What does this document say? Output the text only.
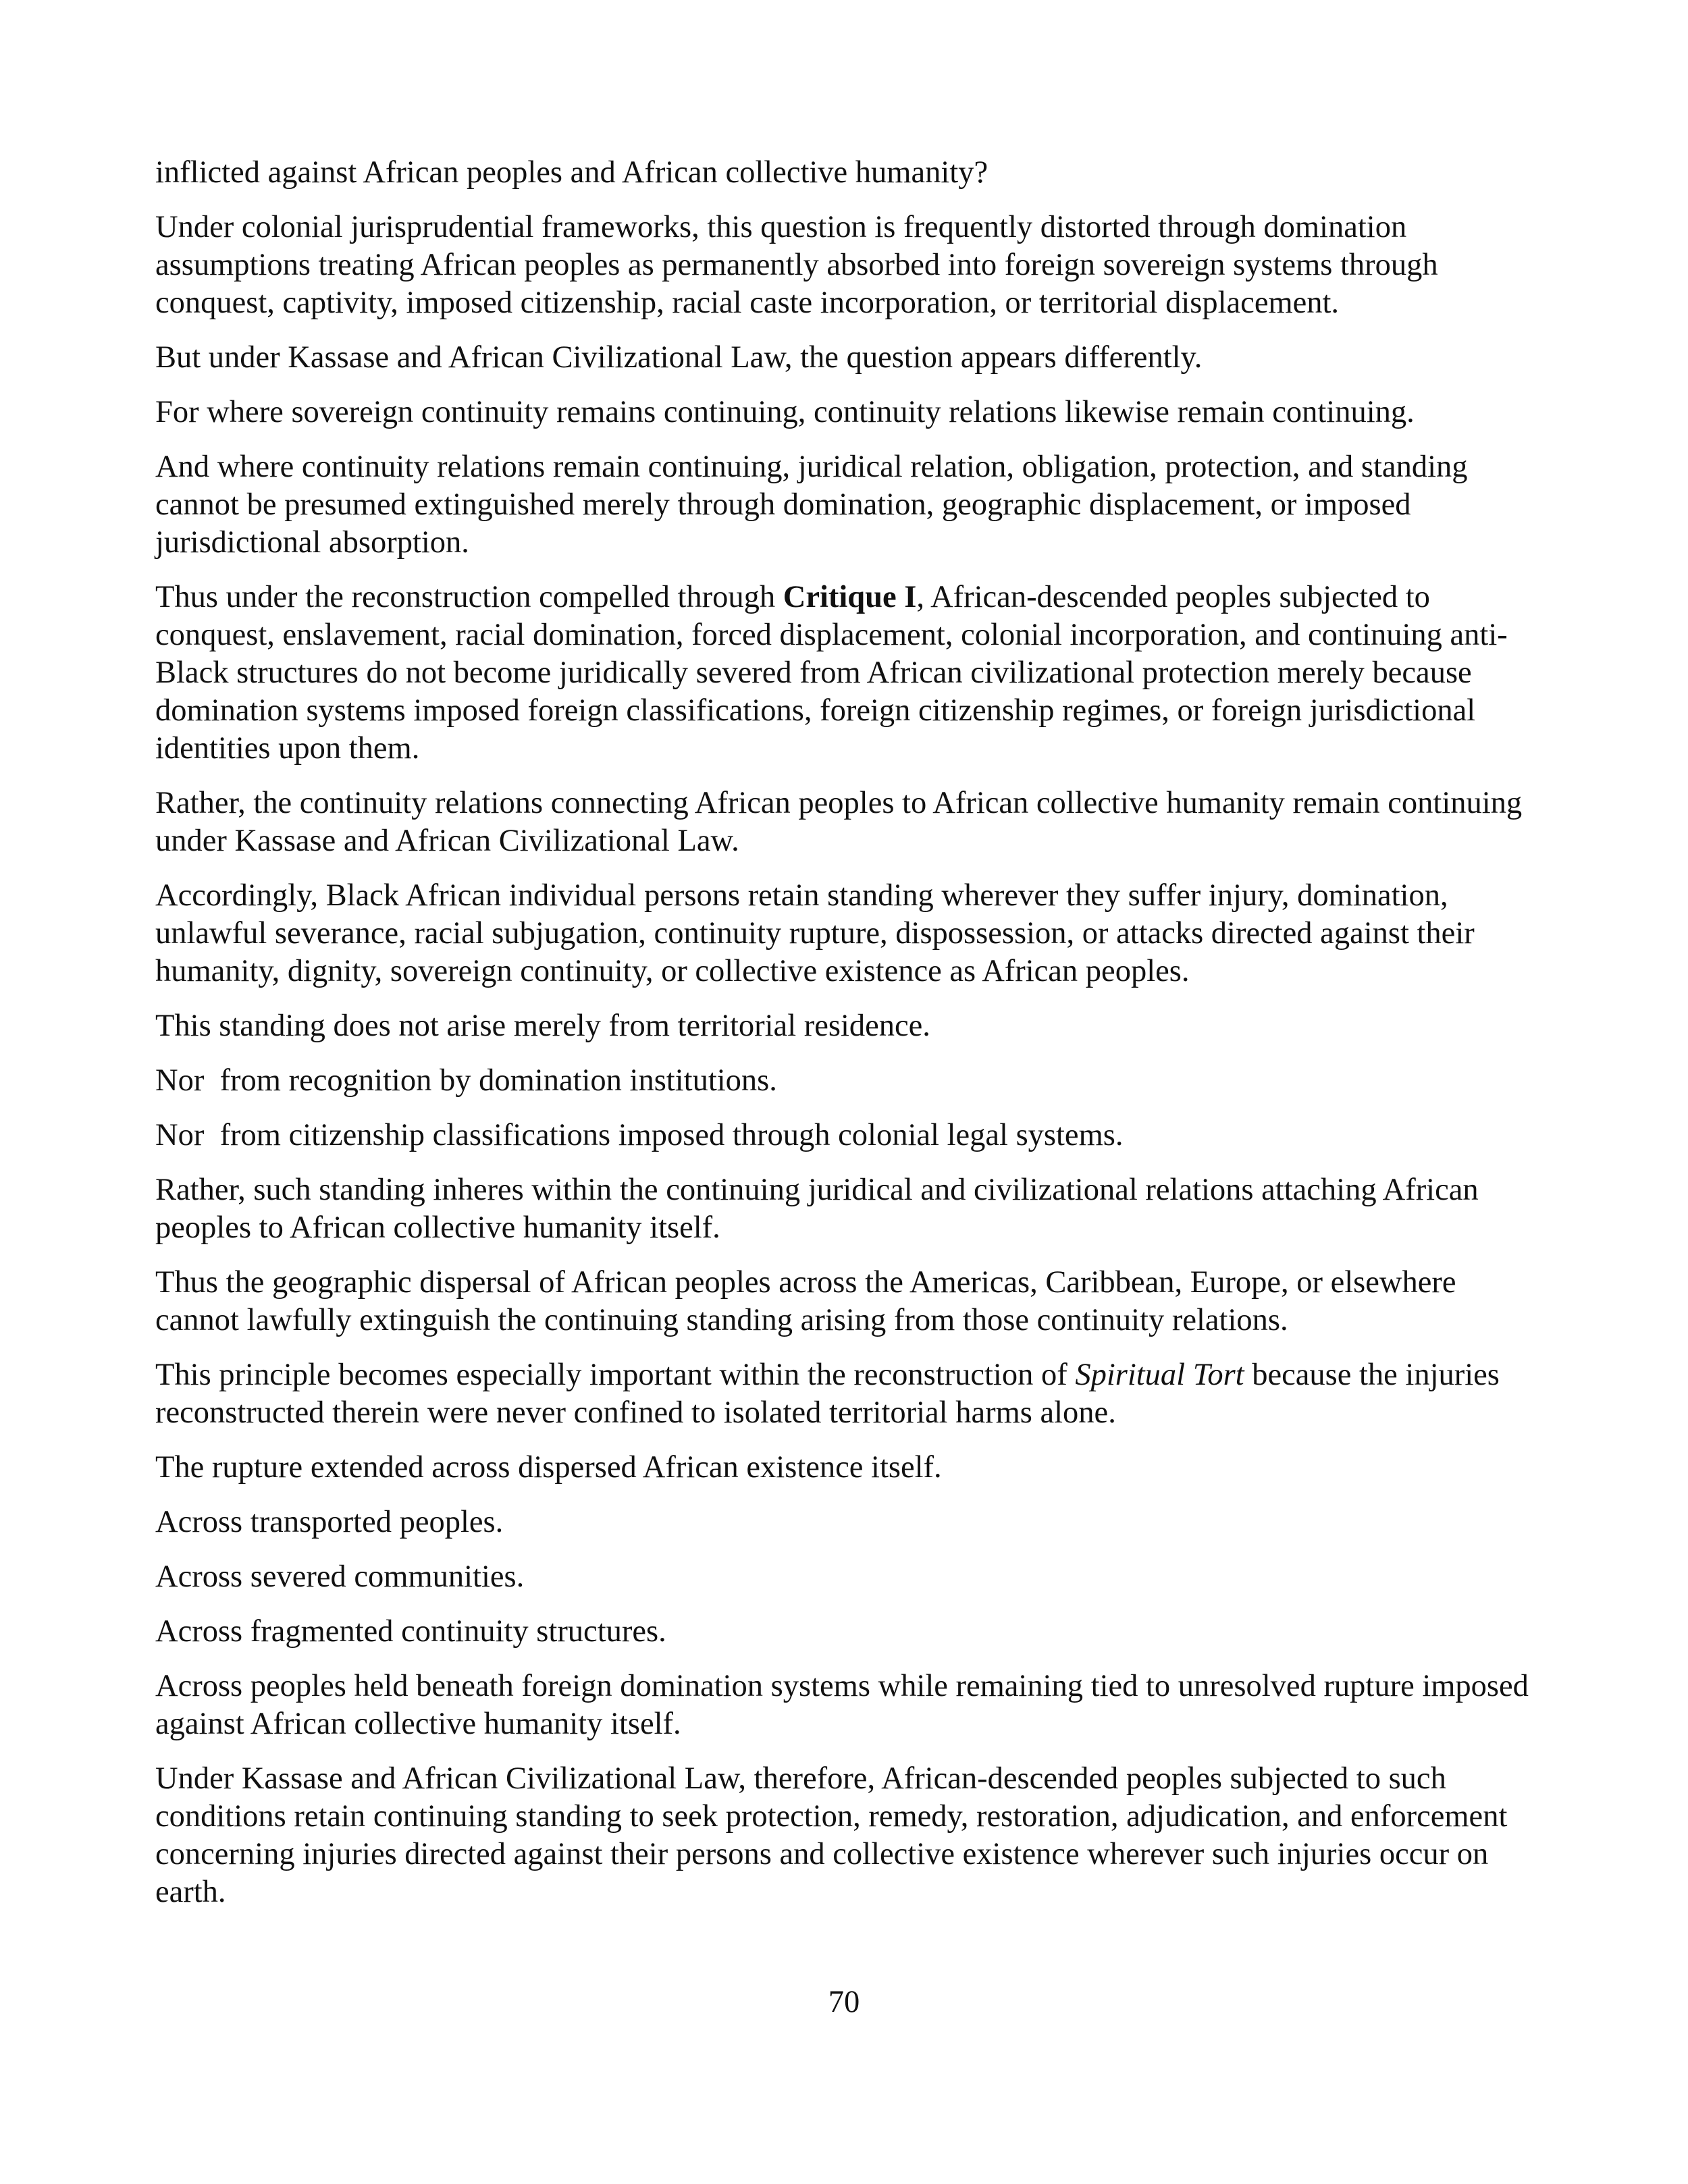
inflicted against African peoples and African collective humanity?

Under colonial jurisprudential frameworks, this question is frequently distorted through domination assumptions treating African peoples as permanently absorbed into foreign sovereign systems through conquest, captivity, imposed citizenship, racial caste incorporation, or territorial displacement.

But under Kassase and African Civilizational Law, the question appears differently.

For where sovereign continuity remains continuing, continuity relations likewise remain continuing.

And where continuity relations remain continuing, juridical relation, obligation, protection, and standing cannot be presumed extinguished merely through domination, geographic displacement, or imposed jurisdictional absorption.

Thus under the reconstruction compelled through Critique I, African-descended peoples subjected to conquest, enslavement, racial domination, forced displacement, colonial incorporation, and continuing anti-Black structures do not become juridically severed from African civilizational protection merely because domination systems imposed foreign classifications, foreign citizenship regimes, or foreign jurisdictional identities upon them.

Rather, the continuity relations connecting African peoples to African collective humanity remain continuing under Kassase and African Civilizational Law.

Accordingly, Black African individual persons retain standing wherever they suffer injury, domination, unlawful severance, racial subjugation, continuity rupture, dispossession, or attacks directed against their humanity, dignity, sovereign continuity, or collective existence as African peoples.

This standing does not arise merely from territorial residence.

Nor  from recognition by domination institutions.

Nor  from citizenship classifications imposed through colonial legal systems.

Rather, such standing inheres within the continuing juridical and civilizational relations attaching African peoples to African collective humanity itself.

Thus the geographic dispersal of African peoples across the Americas, Caribbean, Europe, or elsewhere cannot lawfully extinguish the continuing standing arising from those continuity relations.

This principle becomes especially important within the reconstruction of Spiritual Tort because the injuries reconstructed therein were never confined to isolated territorial harms alone.

The rupture extended across dispersed African existence itself.

Across transported peoples.

Across severed communities.

Across fragmented continuity structures.

Across peoples held beneath foreign domination systems while remaining tied to unresolved rupture imposed against African collective humanity itself.

Under Kassase and African Civilizational Law, therefore, African-descended peoples subjected to such conditions retain continuing standing to seek protection, remedy, restoration, adjudication, and enforcement concerning injuries directed against their persons and collective existence wherever such injuries occur on earth.

70
